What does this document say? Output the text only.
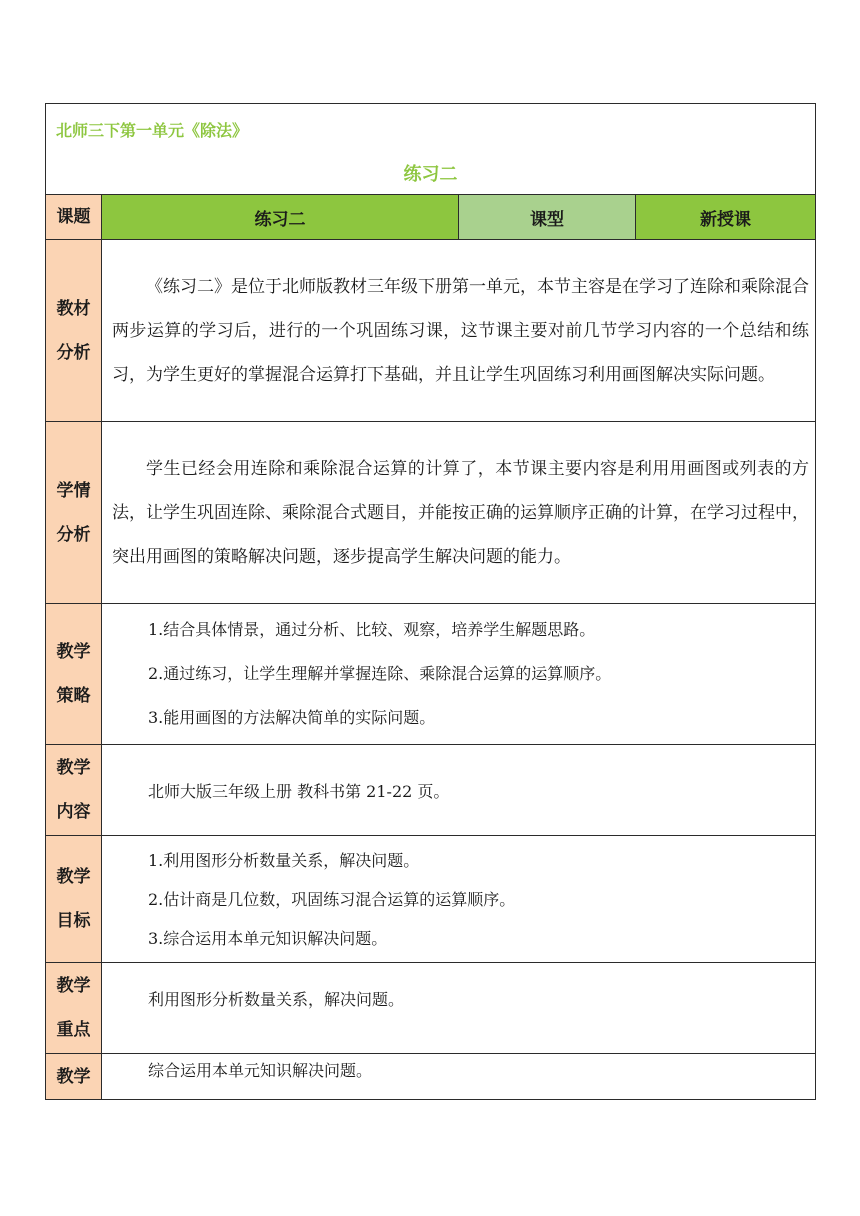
北师三下第一单元《除法》
练习二			

课题	练习二	课型	新授课

教材分析	《练习二》是位于北师版教材三年级下册第一单元，本节主容是在学习了连除和乘除混合两步运算的学习后，进行的一个巩固练习课，这节课主要对前几节学习内容的一个总结和练习，为学生更好的掌握混合运算打下基础，并且让学生巩固练习利用画图解决实际问题。		

学情分析	学生已经会用连除和乘除混合运算的计算了，本节课主要内容是利用用画图或列表的方法，让学生巩固连除、乘除混合式题目，并能按正确的运算顺序正确的计算，在学习过程中，突出用画图的策略解决问题，逐步提高学生解决问题的能力。		

教学策略	1.结合具体情景，通过分析、比较、观察，培养学生解题思路。
2.通过练习，让学生理解并掌握连除、乘除混合运算的运算顺序。
3.能用画图的方法解决简单的实际问题。		

教学内容	北师大版三年级上册 教科书第 21-22 页。		

教学目标	1.利用图形分析数量关系，解决问题。
2.估计商是几位数，巩固练习混合运算的运算顺序。
3.综合运用本单元知识解决问题。		

教学重点	利用图形分析数量关系，解决问题。		
教学	综合运用本单元知识解决问题。		
